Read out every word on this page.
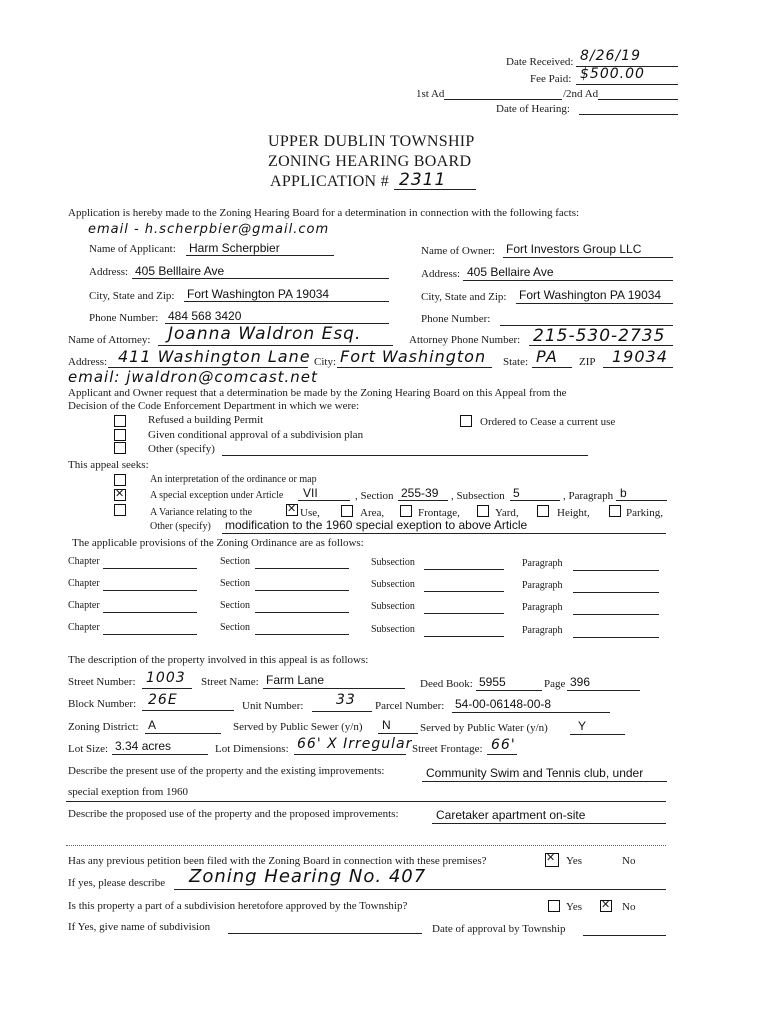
Date Received: 8/26/19
Fee Paid: $500.00
1st Ad	/2nd Ad
Date of Hearing:
UPPER DUBLIN TOWNSHIP
ZONING HEARING BOARD
APPLICATION # 2311
Application is hereby made to the Zoning Hearing Board for a determination in connection with the following facts:
email - h.scherpbier@gmail.com
Name of Applicant: Harm Scherpbier	Name of Owner: Fort Investors Group LLC
Address: 405 Belllaire Ave	Address: 405 Bellaire Ave
City, State and Zip: Fort Washington PA 19034	City, State and Zip: Fort Washington PA 19034
Phone Number: 484 568 3420	Phone Number:
Name of Attorney: Joanna Waldron Esq.	Attorney Phone Number: 215-530-2735
Address: 411 Washington Lane City: Fort Washington State: PA ZIP 19034
email: jwaldron@comcast.net
Applicant and Owner request that a determination be made by the Zoning Hearing Board on this Appeal from the
Decision of the Code Enforcement Department in which we were:
Refused a building Permit	Ordered to Cease a current use
Given conditional approval of a subdivision plan
Other (specify)
This appeal seeks:
An interpretation of the ordinance or map
✕
A special exception under Article VII	, Section 255-39 , Subsection 5	, Paragraph b
A Variance relating to the ✕	Use,	Area,	Frontage,	Yard,	Height,	Parking,
Other (specify) modification to the 1960 special exeption to above Article
The applicable provisions of the Zoning Ordinance are as follows:
Chapter	Section	Subsection	Paragraph
Chapter	Section	Subsection	Paragraph
Chapter	Section	Subsection	Paragraph
Chapter	Section	Subsection	Paragraph
The description of the property involved in this appeal is as follows:
Street Number: 1003 Street Name: Farm Lane	Deed Book: 5955	Page 396
Block Number: 26E	Unit Number: 33 Parcel Number: 54-00-06148-00-8
Zoning District: A	Served by Public Sewer (y/n) N	Served by Public Water (y/n)	Y
Lot Size: 3.34 acres	Lot Dimensions: 66' X Irregular Street Frontage: 66'
Describe the present use of the property and the existing improvements:	Community Swim and Tennis club, under
special exeption from 1960
Describe the proposed use of the property and the proposed improvements:	Caretaker apartment on-site
Has any previous petition been filed with the Zoning Board in connection with these premises? ✕	Yes	No
If yes, please describe Zoning Hearing No. 407
Is this property a part of a subdivision heretofore approved by the Township?	Yes ✕	No
If Yes, give name of subdivision	Date of approval by Township
